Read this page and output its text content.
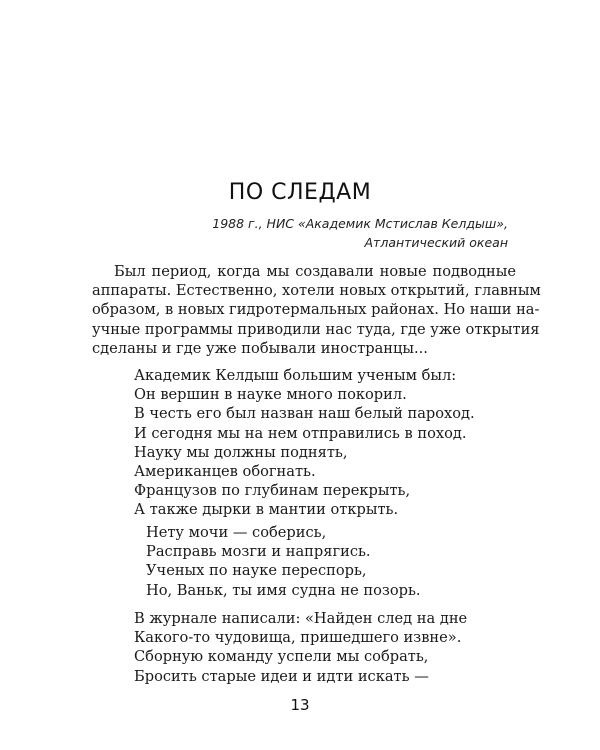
ПО СЛЕДАМ
1988 г., НИС «Академик Мстислав Келдыш»,
Атлантический океан
Был период, когда мы создавали новые подводные
аппараты. Естественно, хотели новых открытий, главным
образом, в новых гидротермальных районах. Но наши на-
учные программы приводили нас туда, где уже открытия
сделаны и где уже побывали иностранцы...
Академик Келдыш большим ученым был:
Он вершин в науке много покорил.
В честь его был назван наш белый пароход.
И сегодня мы на нем отправились в поход.
Науку мы должны поднять,
Американцев обогнать.
Французов по глубинам перекрыть,
А также дырки в мантии открыть.
Нету мочи — соберись,
Расправь мозги и напрягись.
Ученых по науке переспорь,
Но, Ваньк, ты имя судна не позорь.
В журнале написали: «Найден след на дне
Какого-то чудовища, пришедшего извне».
Сборную команду успели мы собрать,
Бросить старые идеи и идти искать —
13
